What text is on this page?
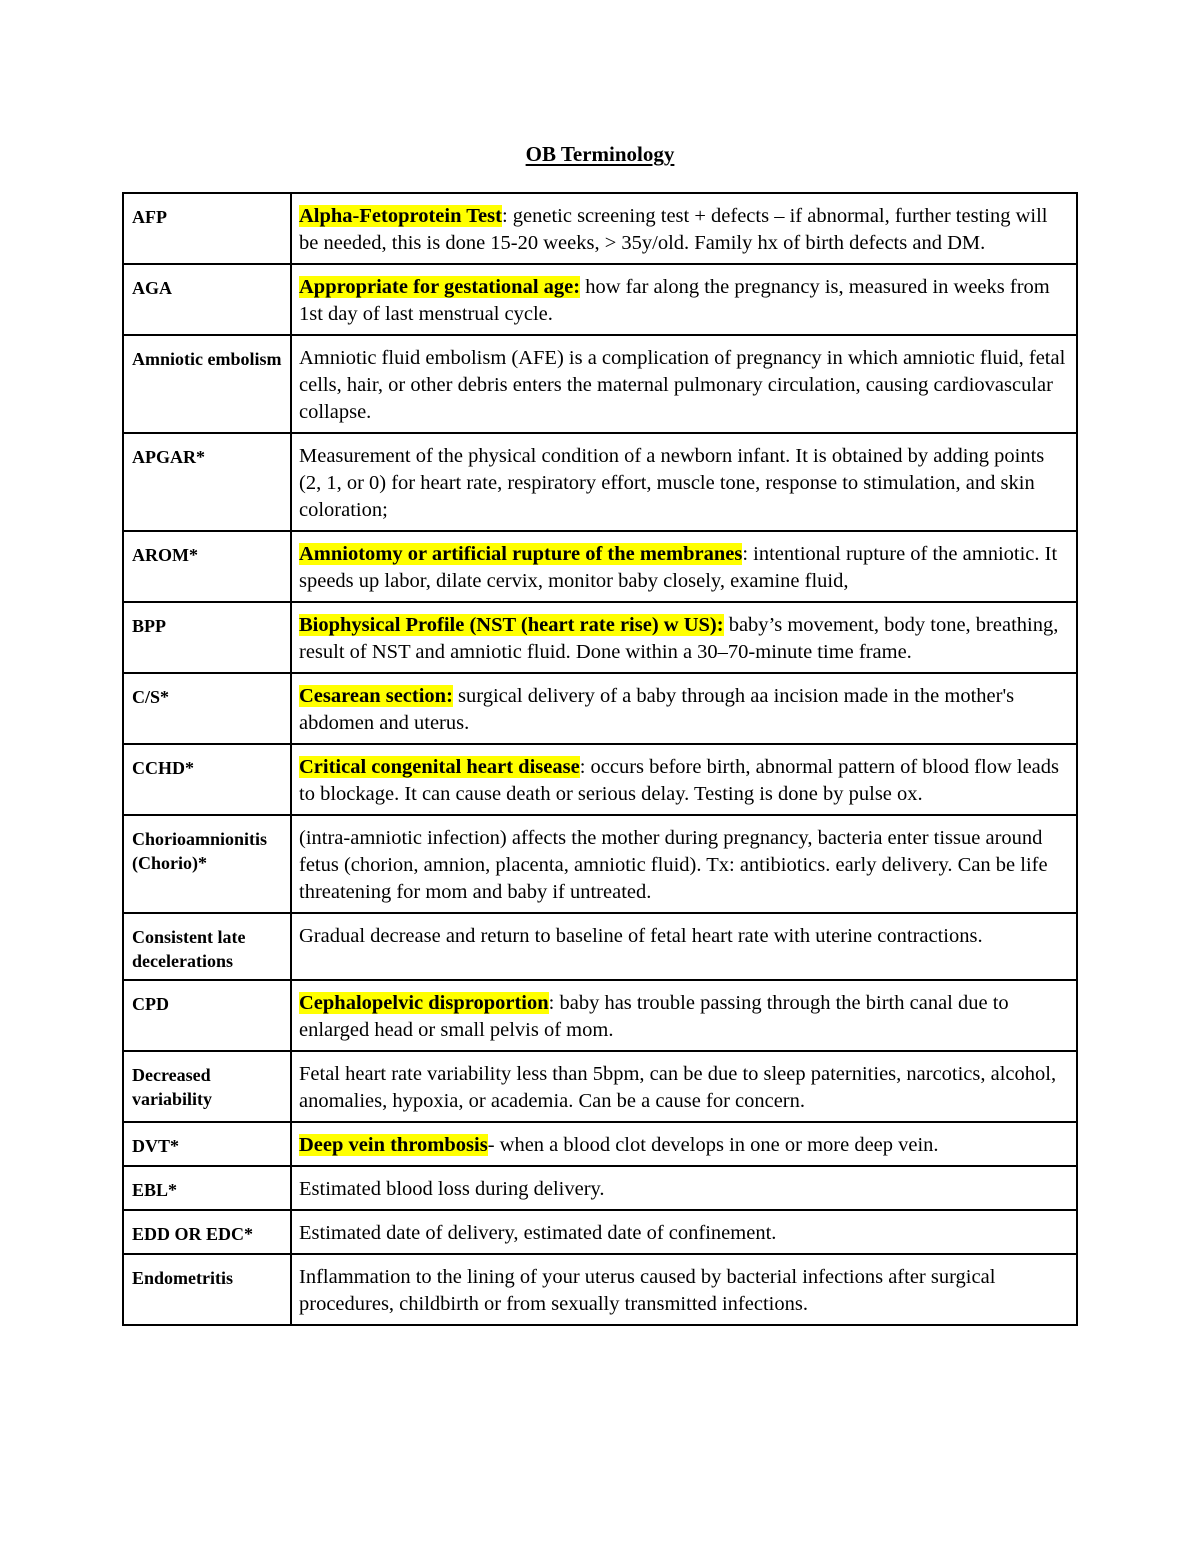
OB Terminology
AFP	Alpha-Fetoprotein Test: genetic screening test + defects – if abnormal, further testing will be needed, this is done 15-20 weeks, > 35y/old. Family hx of birth defects and DM.
AGA	Appropriate for gestational age: how far along the pregnancy is, measured in weeks from 1st day of last menstrual cycle.
Amniotic embolism	Amniotic fluid embolism (AFE) is a complication of pregnancy in which amniotic fluid, fetal cells, hair, or other debris enters the maternal pulmonary circulation, causing cardiovascular collapse.
APGAR*	Measurement of the physical condition of a newborn infant. It is obtained by adding points (2, 1, or 0) for heart rate, respiratory effort, muscle tone, response to stimulation, and skin coloration;
AROM*	Amniotomy or artificial rupture of the membranes: intentional rupture of the amniotic. It speeds up labor, dilate cervix, monitor baby closely, examine fluid,
BPP	Biophysical Profile (NST (heart rate rise) w US): baby’s movement, body tone, breathing, result of NST and amniotic fluid. Done within a 30–70-minute time frame.
C/S*	Cesarean section: surgical delivery of a baby through aa incision made in the mother's abdomen and uterus.
CCHD*	Critical congenital heart disease: occurs before birth, abnormal pattern of blood flow leads to blockage. It can cause death or serious delay. Testing is done by pulse ox.
Chorioamnionitis (Chorio)*	(intra-amniotic infection) affects the mother during pregnancy, bacteria enter tissue around fetus (chorion, amnion, placenta, amniotic fluid). Tx: antibiotics. early delivery. Can be life threatening for mom and baby if untreated.
Consistent late decelerations	Gradual decrease and return to baseline of fetal heart rate with uterine contractions.
CPD	Cephalopelvic disproportion: baby has trouble passing through the birth canal due to enlarged head or small pelvis of mom.
Decreased variability	Fetal heart rate variability less than 5bpm, can be due to sleep paternities, narcotics, alcohol, anomalies, hypoxia, or academia. Can be a cause for concern.
DVT*	Deep vein thrombosis- when a blood clot develops in one or more deep vein.
EBL*	Estimated blood loss during delivery.
EDD OR EDC*	Estimated date of delivery, estimated date of confinement.
Endometritis	Inflammation to the lining of your uterus caused by bacterial infections after surgical procedures, childbirth or from sexually transmitted infections.
